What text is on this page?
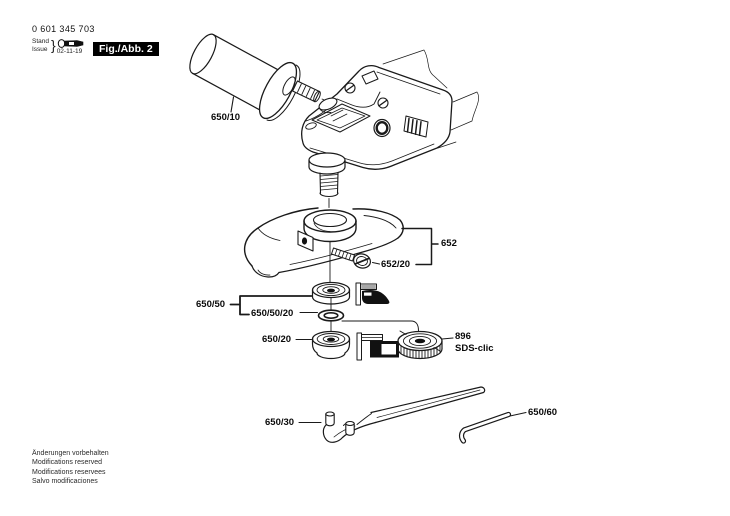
0 601 345 703
Stand
Issue } 02-11-19	Fig./Abb. 2
650/10
650/50
650/50/20
650/20
652/20
652
896
SDS-clic
650/30
650/60
Änderungen vorbehalten
Modifications reserved
Modifications reservees
Salvo modificaciones
